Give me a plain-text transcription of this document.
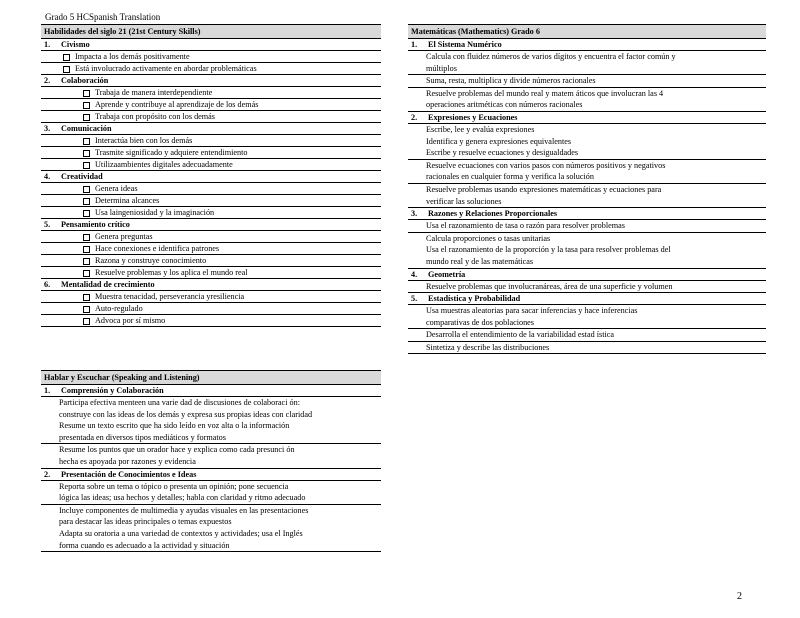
Grado 5 HCSpanish Translation
Habilidades del siglo 21 (21st Century Skills)
1. Civismo
Impacta a los demás positivamente
Está involucrado activamente en abordar problemáticas
2. Colaboración
Trabaja de manera interdependiente
Aprende y contribuye al aprendizaje de los demás
Trabaja con propósito con los demás
3. Comunicación
Interactúa bien con los demás
Trasmite significado y adquiere entendimiento
Utilizaambientes digitales adecuadamente
4. Creatividad
Genera ideas
Determina alcances
Usa laingeniosidad y la imaginación
5. Pensamiento crítico
Genera preguntas
Hace conexiones e identifica patrones
Razona y construye conocimiento
Resuelve problemas y los aplica el mundo real
6. Mentalidad de crecimiento
Muestra tenacidad, perseverancia yresiliencia
Auto-regulado
Advoca por sí mismo
Hablar y Escuchar (Speaking and Listening)
1. Comprensión y Colaboración
Participa efectiva menteen una varie dad de discusiones de colaboraci ón:
construye con las ideas de los demás y expresa sus propias ideas con claridad
Resume un texto escrito que ha sido leído en voz alta o la información
presentada en diversos tipos mediáticos y formatos
Resume los puntos que un orador hace y explica como cada presunci ón
hecha es apoyada por razones y evidencia
2. Presentación de Conocimientos e Ideas
Reporta sobre un tema o tópico o presenta un opinión; pone secuencia
lógica las ideas; usa hechos y detalles; habla con claridad y ritmo adecuado
Incluye componentes de multimedia y ayudas visuales en las presentaciones
para destacar las ideas principales o temas expuestos
Adapta su oratoria a una variedad de contextos y actividades; usa el Inglés
forma cuando es adecuado a la actividad y situación
Matemáticas (Mathematics) Grado 6
1. El Sistema Numérico
Calcula con fluidez números de varios dígitos y encuentra el factor común y
múltiplos
Suma, resta, multiplica y divide números racionales
Resuelve problemas del mundo real y matem áticos que involucran las 4
operaciones aritméticas con números racionales
2. Expresiones y Ecuaciones
Escribe, lee y evalúa expresiones
Identifica y genera expresiones equivalentes
Escribe y resuelve ecuaciones y desigualdades
Resuelve ecuaciones con varios pasos con números positivos y negativos
racionales en cualquier forma y verifica la solución
Resuelve problemas usando expresiones matemáticas y ecuaciones para
verificar las soluciones
3. Razones y Relaciones Proporcionales
Usa el razonamiento de tasa o razón para resolver problemas
Calcula proporciones o tasas unitarias
Usa el razonamiento de la proporción y la tasa para resolver problemas del
mundo real y de las matemáticas
4. Geometría
Resuelve problemas que involucranáreas, área de una superficie y volumen
5. Estadística y Probabilidad
Usa muestras aleatorias para sacar inferencias y hace inferencias
comparativas de dos poblaciones
Desarrolla el entendimiento de la variabilidad estad ística
Sintetiza y describe las distribuciones
2
